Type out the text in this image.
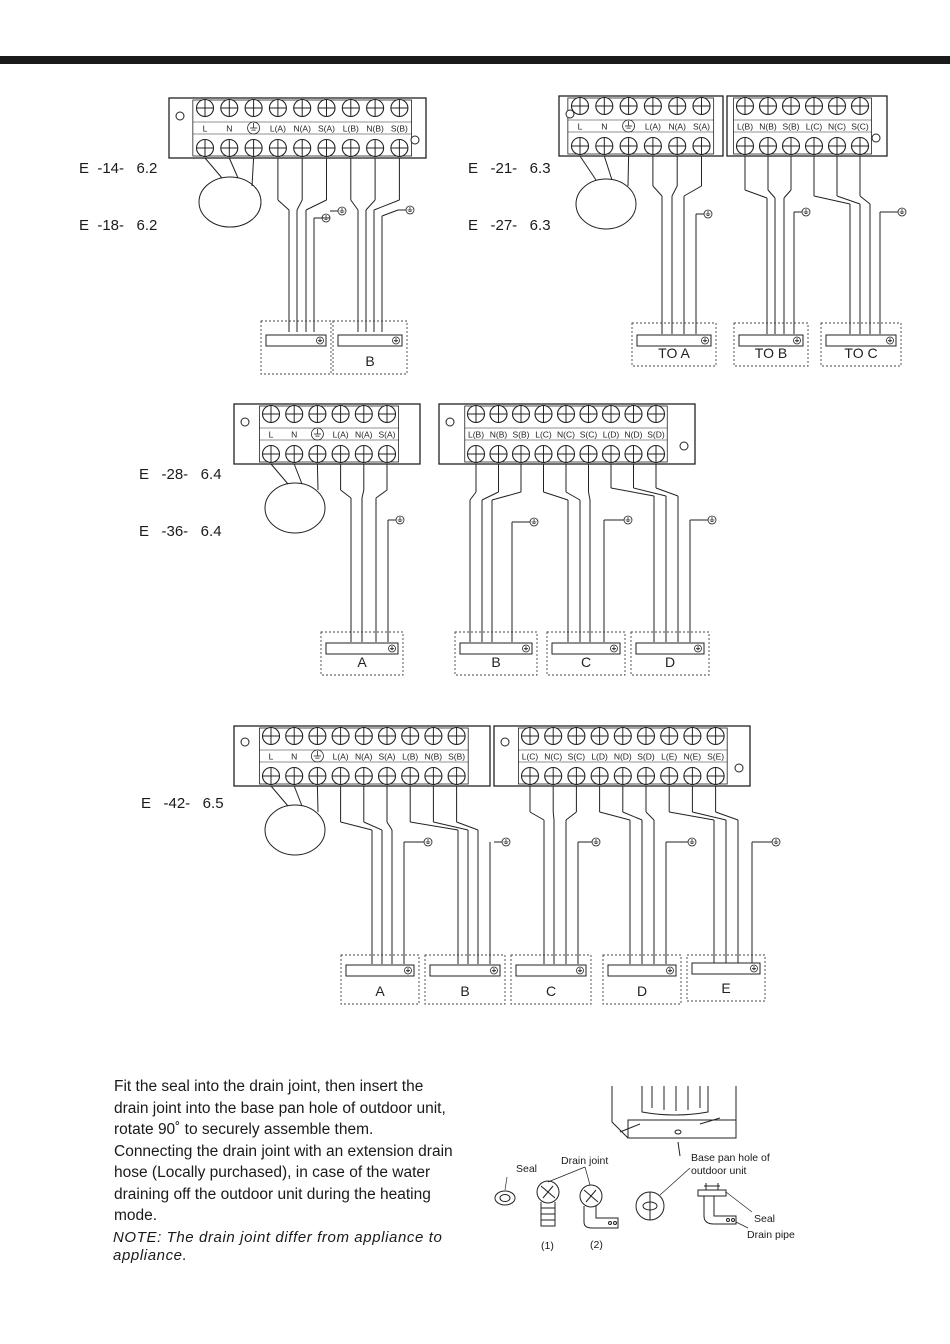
E  -14-   6.2

E  -18-   6.2

E   -21-   6.3

E   -27-   6.3

E   -28-   6.4

E   -36-   6.4

E   -42-   6.5

L N	L(A) N(A) S(A) L(B) N(B) S(B)
B
L N	L(A) N(A) S(A)	L(B) N(B) S(B) L(C) N(C) S(C)
TO A	TO B	TO C
L N	L(A) N(A) S(A)	L(B) N(B) S(B) L(C) N(C) S(C) L(D) N(D) S(D)
A	B	C	D
L N	L(A) N(A) S(A) L(B) N(B) S(B)	L(C) N(C) S(C) L(D) N(D) S(D) L(E) N(E) S(E)
A	B	C	D	E
Seal
Drain joint
(1)	(2)
Seal
Drain pipe
Base pan hole of outdoor unit

Fit the seal into the drain joint, then insert the

drain joint into the base pan hole of outdoor unit,

rotate 90˚ to securely assemble them.

Connecting the drain joint with an extension drain

hose (Locally purchased), in case of the water

draining off the outdoor unit during the heating

mode.

NOTE: The drain joint differ from appliance to appliance.
